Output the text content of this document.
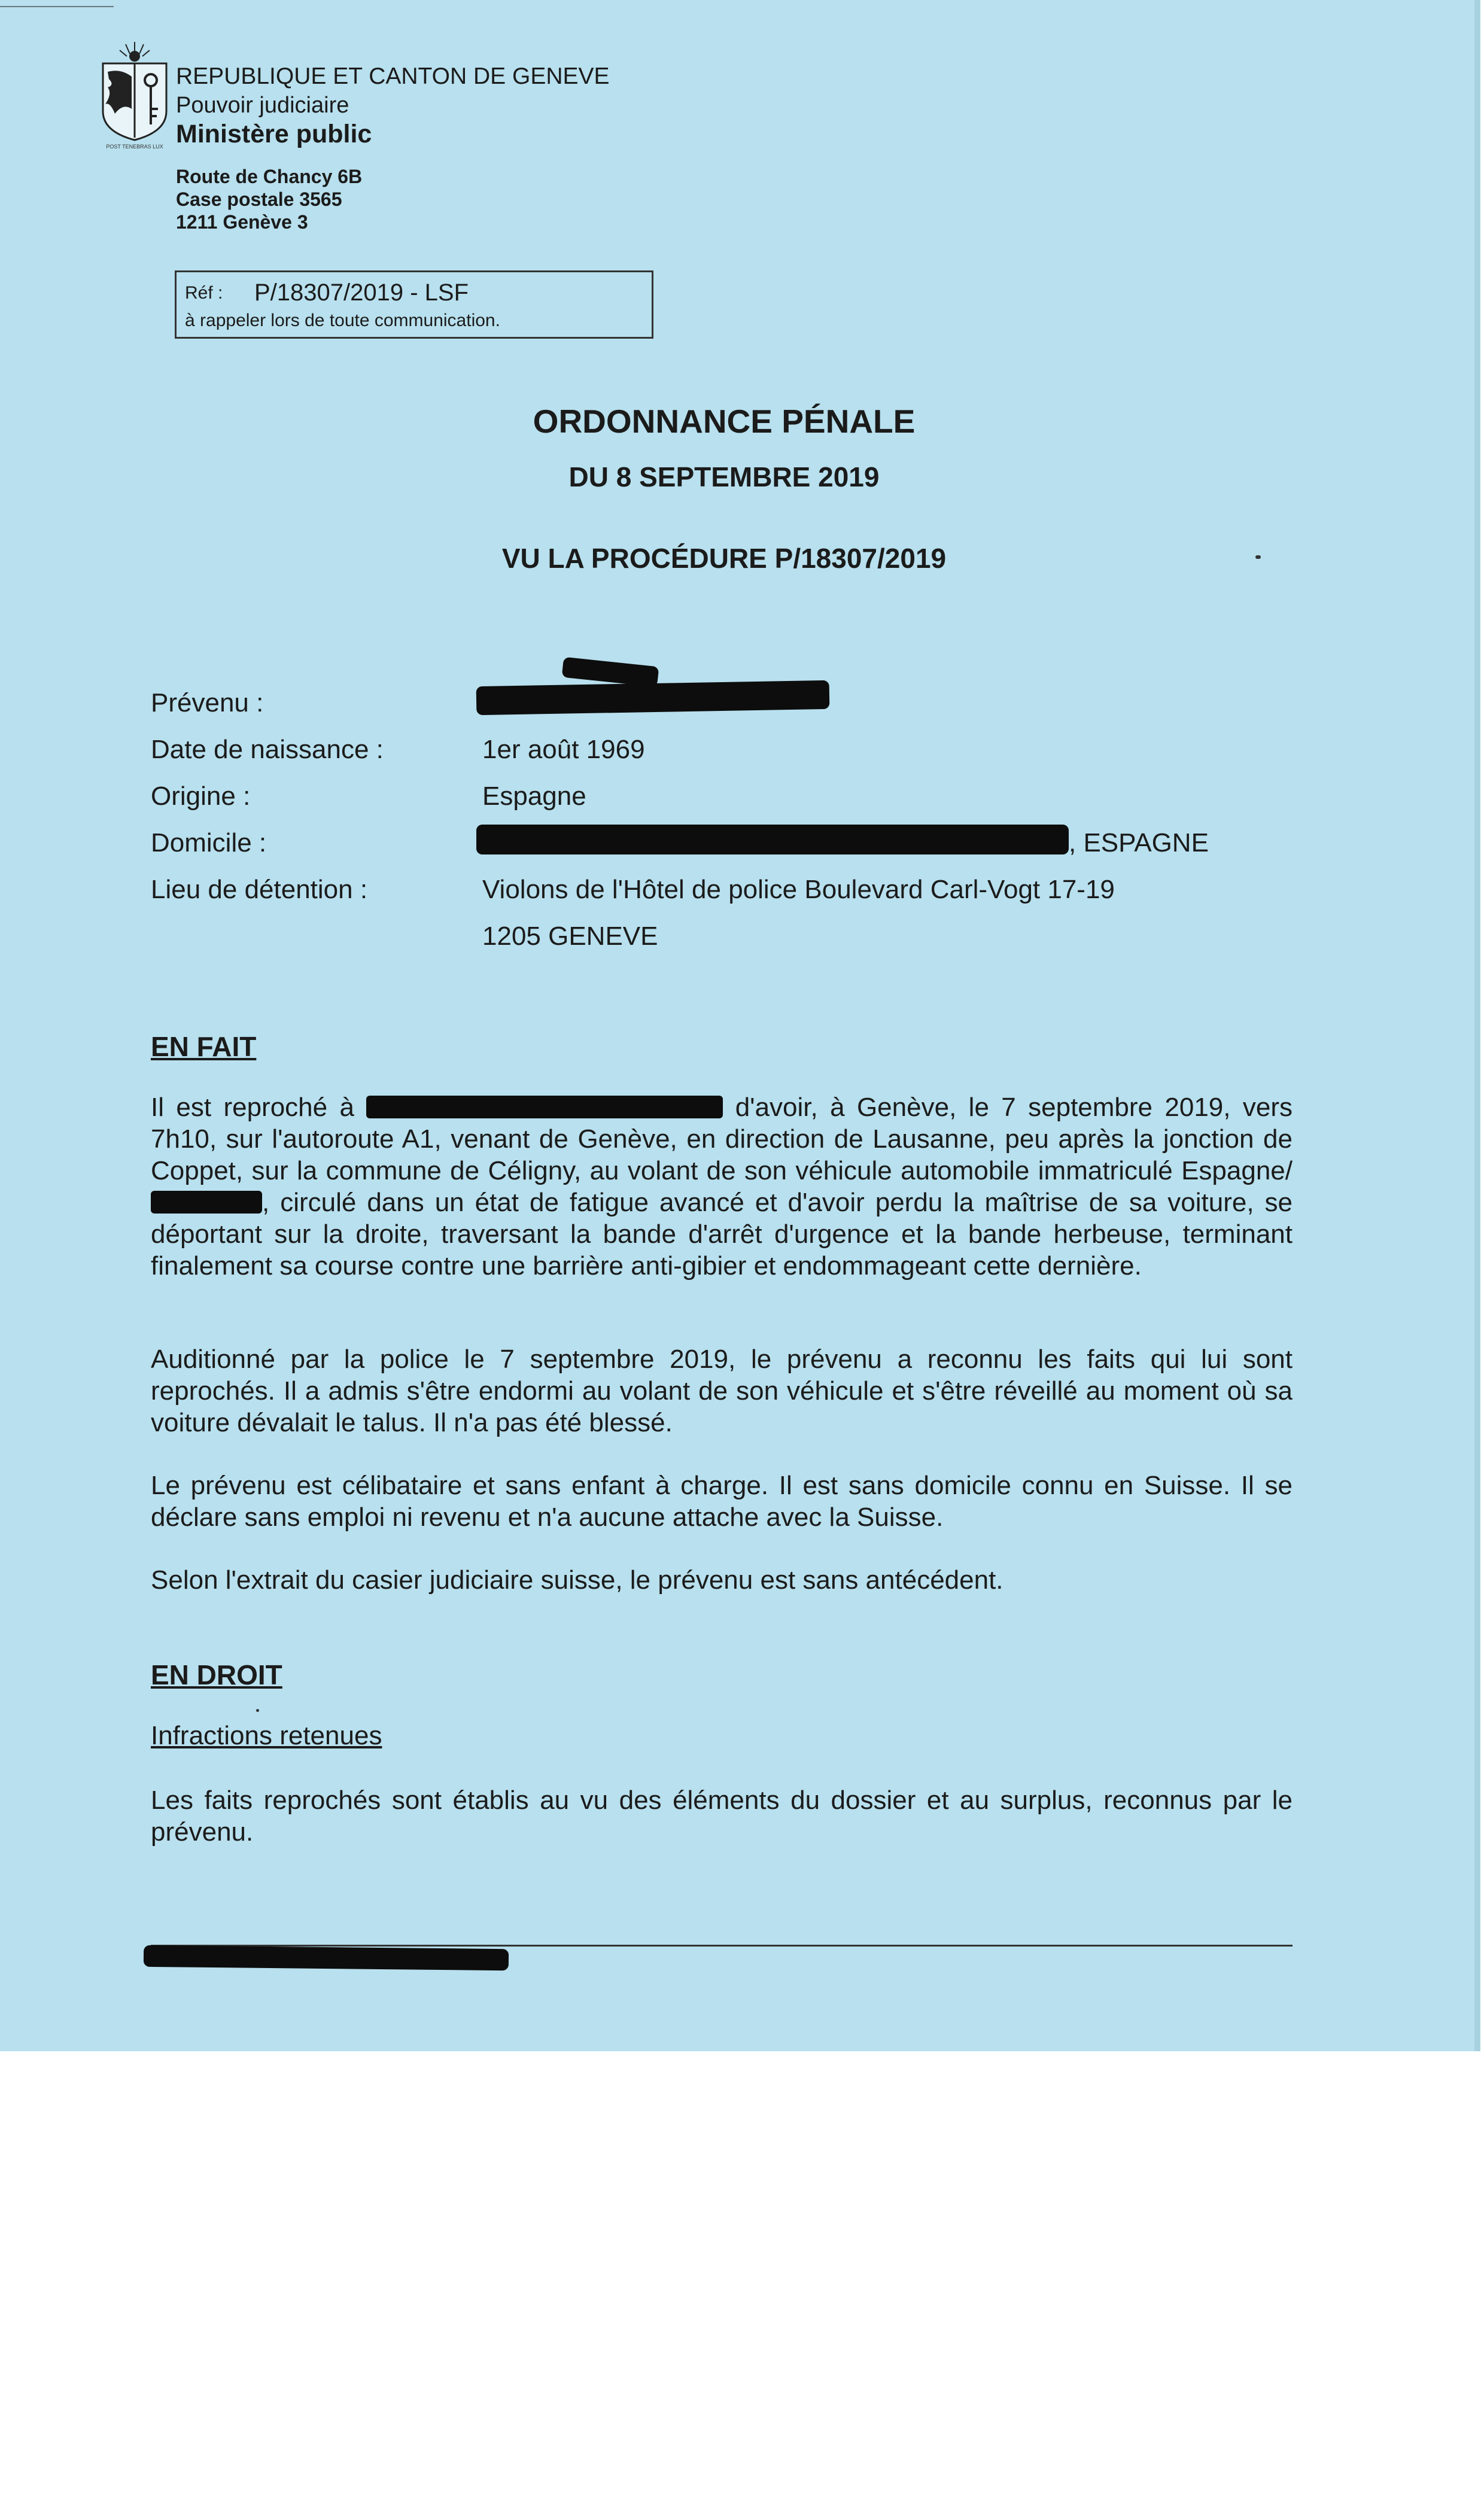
POST TENEBRAS LUX
REPUBLIQUE ET CANTON DE GENEVE
Pouvoir judiciaire
Ministère public
Route de Chancy 6B
Case postale 3565
1211 Genève 3
Réf : P/18307/2019 - LSF
à rappeler lors de toute communication.
ORDONNANCE PÉNALE
DU 8 SEPTEMBRE 2019
VU LA PROCÉDURE P/18307/2019
Prévenu :
Date de naissance :	1er août 1969
Origine :	Espagne
Domicile :	, ESPAGNE
Lieu de détention :	Violons de l'Hôtel de police Boulevard Carl-Vogt 17-19
1205 GENEVE
EN FAIT
Il est reproché à	d'avoir, à Genève, le 7 septembre 2019, vers 7h10, sur l'autoroute A1, venant de Genève, en direction de Lausanne, peu après la jonction de Coppet, sur la commune de Céligny, au volant de son véhicule automobile immatriculé Espagne/, circulé dans un état de fatigue avancé et d'avoir perdu la maîtrise de sa voiture, se déportant sur la droite, traversant la bande d'arrêt d'urgence et la bande herbeuse, terminant finalement sa course contre une barrière anti-gibier et endommageant cette dernière.
Auditionné par la police le 7 septembre 2019, le prévenu a reconnu les faits qui lui sont reprochés. Il a admis s'être endormi au volant de son véhicule et s'être réveillé au moment où sa voiture dévalait le talus. Il n'a pas été blessé.
Le prévenu est célibataire et sans enfant à charge. Il est sans domicile connu en Suisse. Il se déclare sans emploi ni revenu et n'a aucune attache avec la Suisse.
Selon l'extrait du casier judiciaire suisse, le prévenu est sans antécédent.
EN DROIT
Infractions retenues
Les faits reprochés sont établis au vu des éléments du dossier et au surplus, reconnus par le prévenu.
